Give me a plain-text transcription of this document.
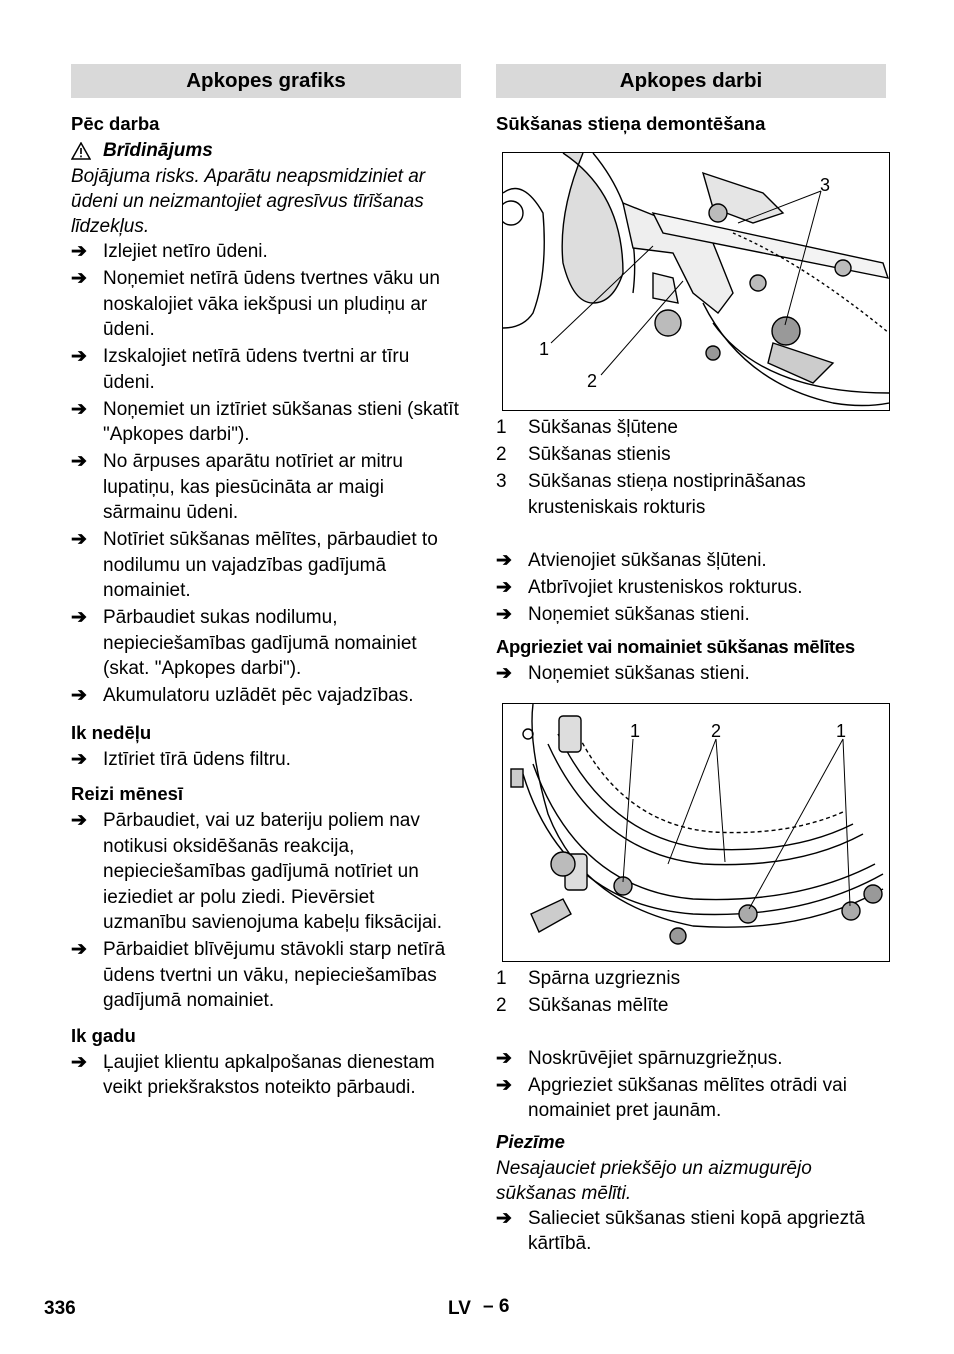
Apkopes grafiks
Pēc darba
Brīdinājums
Bojājuma risks. Aparātu neapsmidziniet ar ūdeni un neizmantojiet agresīvus tīrīšanas līdzekļus.
➔ Izlejiet netīro ūdeni.
➔ Noņemiet netīrā ūdens tvertnes vāku un noskalojiet vāka iekšpusi un pludiņu ar ūdeni.
➔ Izskalojiet netīrā ūdens tvertni ar tīru ūdeni.
➔ Noņemiet un iztīriet sūkšanas stieni (skatīt "Apkopes darbi").
➔ No ārpuses aparātu notīriet ar mitru lupatiņu, kas piesūcināta ar maigi sārmainu ūdeni.
➔ Notīriet sūkšanas mēlītes, pārbaudiet to nodilumu un vajadzības gadījumā nomainiet.
➔ Pārbaudiet sukas nodilumu, nepieciešamības gadījumā nomainiet (skat. "Apkopes darbi").
➔ Akumulatoru uzlādēt pēc vajadzības.
Ik nedēļu
➔ Iztīriet tīrā ūdens filtru.
Reizi mēnesī
➔ Pārbaudiet, vai uz bateriju poliem nav notikusi oksidēšanās reakcija, nepieciešamības gadījumā notīriet un ieziediet ar polu ziedi. Pievērsiet uzmanību savienojuma kabeļu fiksācijai.
➔ Pārbaidiet blīvējumu stāvokli starp netīrā ūdens tvertni un vāku, nepieciešamības gadījumā nomainiet.
Ik gadu
➔ Ļaujiet klientu apkalpošanas dienestam veikt priekšrakstos noteikto pārbaudi.
Apkopes darbi
Sūkšanas stieņa demontēšana
1 Sūkšanas šļūtene
2 Sūkšanas stienis
3 Sūkšanas stieņa nostiprināšanas krusteniskais rokturis
➔ Atvienojiet sūkšanas šļūteni.
➔ Atbrīvojiet krusteniskos rokturus.
➔ Noņemiet sūkšanas stieni.
Apgrieziet vai nomainiet sūkšanas mēlītes
➔ Noņemiet sūkšanas stieni.
1 Spārna uzgrieznis
2 Sūkšanas mēlīte
➔ Noskrūvējiet spārnuzgriežņus.
➔ Apgrieziet sūkšanas mēlītes otrādi vai nomainiet pret jaunām.
Piezīme
Nesajauciet priekšējo un aizmugurējo sūkšanas mēlīti.
➔ Salieciet sūkšanas stieni kopā apgrieztā kārtībā.
336	LV – 6
3
1
2
1	2	1
